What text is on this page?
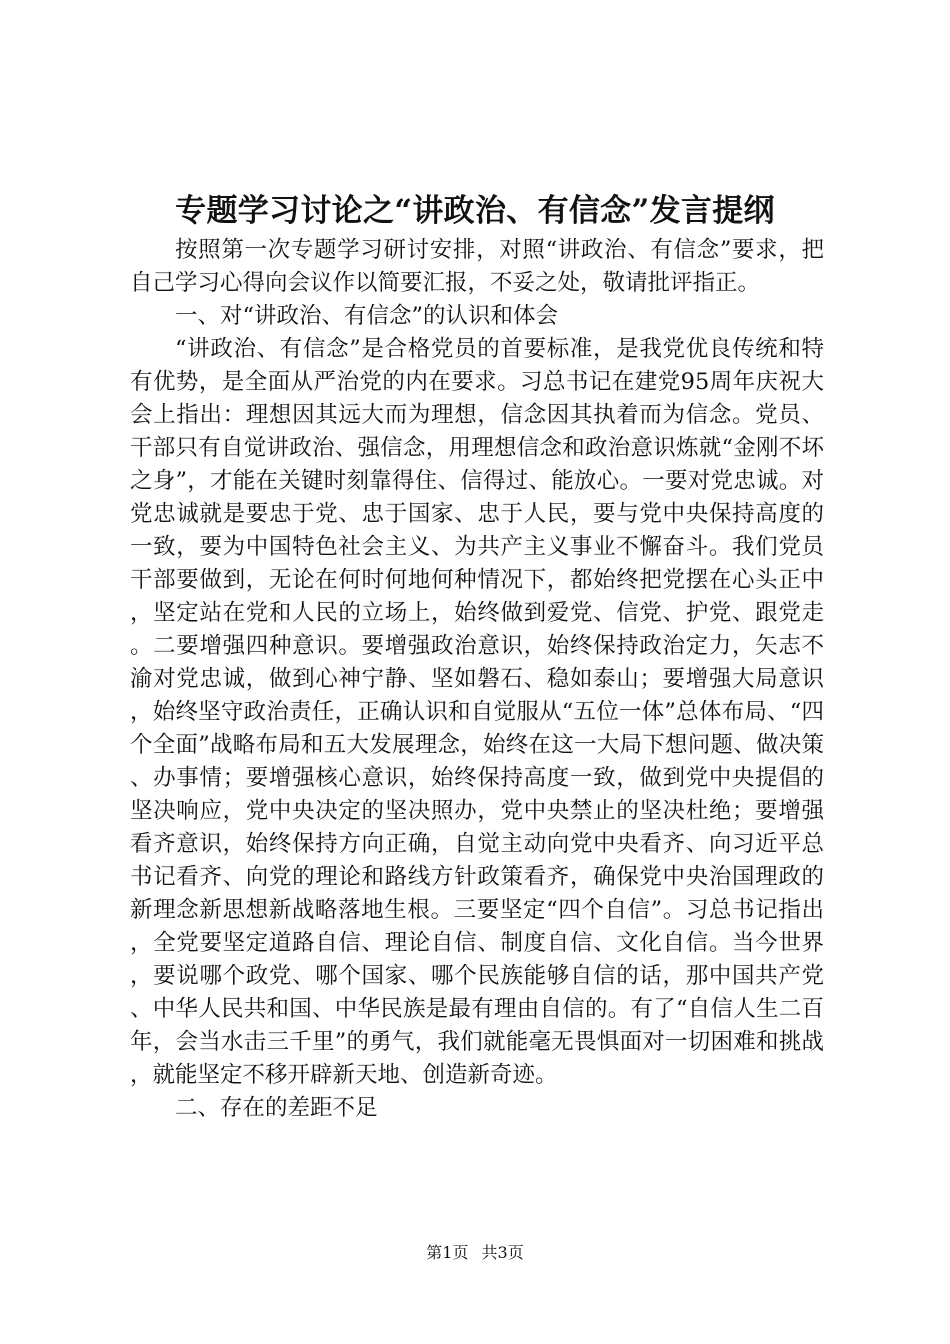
专题学习讨论之“讲政治、有信念”发言提纲

按照第一次专题学习研讨安排，对照“讲政治、有信念”要求，把自己学习心得向会议作以简要汇报，不妥之处，敬请批评指正。

一、对“讲政治、有信念”的认识和体会

“讲政治、有信念”是合格党员的首要标准，是我党优良传统和特有优势，是全面从严治党的内在要求。习总书记在建党95周年庆祝大会上指出：理想因其远大而为理想，信念因其执着而为信念。党员、干部只有自觉讲政治、强信念，用理想信念和政治意识炼就“金刚不坏之身”，才能在关键时刻靠得住、信得过、能放心。一要对党忠诚。对党忠诚就是要忠于党、忠于国家、忠于人民，要与党中央保持高度的一致，要为中国特色社会主义、为共产主义事业不懈奋斗。我们党员干部要做到，无论在何时何地何种情况下，都始终把党摆在心头正中，坚定站在党和人民的立场上，始终做到爱党、信党、护党、跟党走。二要增强四种意识。要增强政治意识，始终保持政治定力，矢志不渝对党忠诚，做到心神宁静、坚如磐石、稳如泰山；要增强大局意识，始终坚守政治责任，正确认识和自觉服从“五位一体”总体布局、“四个全面”战略布局和五大发展理念，始终在这一大局下想问题、做决策、办事情；要增强核心意识，始终保持高度一致，做到党中央提倡的坚决响应，党中央决定的坚决照办，党中央禁止的坚决杜绝；要增强看齐意识，始终保持方向正确，自觉主动向党中央看齐、向习近平总书记看齐、向党的理论和路线方针政策看齐，确保党中央治国理政的新理念新思想新战略落地生根。三要坚定“四个自信”。习总书记指出，全党要坚定道路自信、理论自信、制度自信、文化自信。当今世界，要说哪个政党、哪个国家、哪个民族能够自信的话，那中国共产党、中华人民共和国、中华民族是最有理由自信的。有了“自信人生二百年，会当水击三千里”的勇气，我们就能毫无畏惧面对一切困难和挑战，就能坚定不移开辟新天地、创造新奇迹。

二、存在的差距不足

第1页 共3页
